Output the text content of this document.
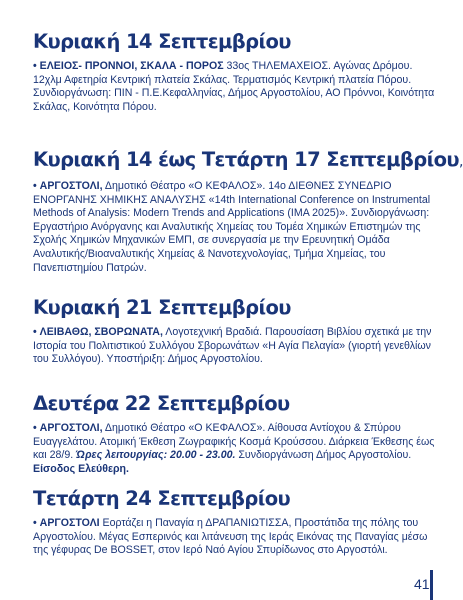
Κυριακή 14 Σεπτεμβρίου
• ΕΛΕΙΟΣ- ΠΡΟΝΝΟΙ, ΣΚΑΛΑ - ΠΟΡΟΣ 33ος ΤΗΛΕΜΑΧΕΙΟΣ. Αγώνας Δρόμου. 12χλμ Αφετηρία Κεντρική πλατεία Σκάλας. Τερματισμός Κεντρική πλατεία Πόρου. Συνδιοργάνωση: ΠΙΝ - Π.Ε.Κεφαλληνίας, Δήμος Αργοστολίου, ΑΟ Πρόννοι, Κοινότητα Σκάλας, Κοινότητα Πόρου.
Κυριακή 14 έως Τετάρτη 17 Σεπτεμβρίου,
• ΑΡΓΟΣΤΟΛΙ, Δημοτικό Θέατρο «Ο ΚΕΦΑΛΟΣ». 14ο ΔΙΕΘΝΕΣ ΣΥΝΕΔΡΙΟ ΕΝΟΡΓΑΝΗΣ ΧΗΜΙΚΗΣ ΑΝΑΛΥΣΗΣ «14th International Conference on Instrumental Methods of Analysis: Modern Trends and Applications (IMA 2025)». Συνδιοργάνωση: Εργαστήριο Ανόργανης και Αναλυτικής Χημείας του Τομέα Χημικών Επιστημών της Σχολής Χημικών Μηχανικών ΕΜΠ, σε συνεργασία με την Ερευνητική Ομάδα Αναλυτικής/Βιοαναλυτικής Χημείας & Νανοτεχνολογίας, Τμήμα Χημείας, του Πανεπιστημίου Πατρών.
Κυριακή 21 Σεπτεμβρίου
• ΛΕΙΒΑΘΩ, ΣΒΟΡΩΝΑΤΑ, Λογοτεχνική Βραδιά. Παρουσίαση Βιβλίου σχετικά με την Ιστορία του Πολιτιστικού Συλλόγου Σβορωνάτων «Η Αγία Πελαγία» (γιορτή γενεθλίων του Συλλόγου). Υποστήριξη: Δήμος Αργοστολίου.
Δευτέρα 22 Σεπτεμβρίου
• ΑΡΓΟΣΤΟΛΙ, Δημοτικό Θέατρο «Ο ΚΕΦΑΛΟΣ». Αίθουσα Αντίοχου & Σπύρου Ευαγγελάτου. Ατομική Έκθεση Ζωγραφικής Κοσμά Κρούσσου. Διάρκεια Έκθεσης έως και 28/9. Ώρες λειτουργίας: 20.00 - 23.00. Συνδιοργάνωση Δήμος Αργοστολίου. Είσοδος Ελεύθερη.
Τετάρτη 24 Σεπτεμβρίου
• ΑΡΓΟΣΤΟΛΙ Εορτάζει η Παναγία η ΔΡΑΠΑΝΙΩΤΙΣΣΑ, Προστάτιδα της πόλης του Αργοστολίου. Μέγας Εσπερινός και λιτάνευση της Ιεράς Εικόνας της Παναγίας μέσω της γέφυρας De BOSSET, στον Ιερό Ναό Αγίου Σπυρίδωνος στο Αργοστόλι.
41
